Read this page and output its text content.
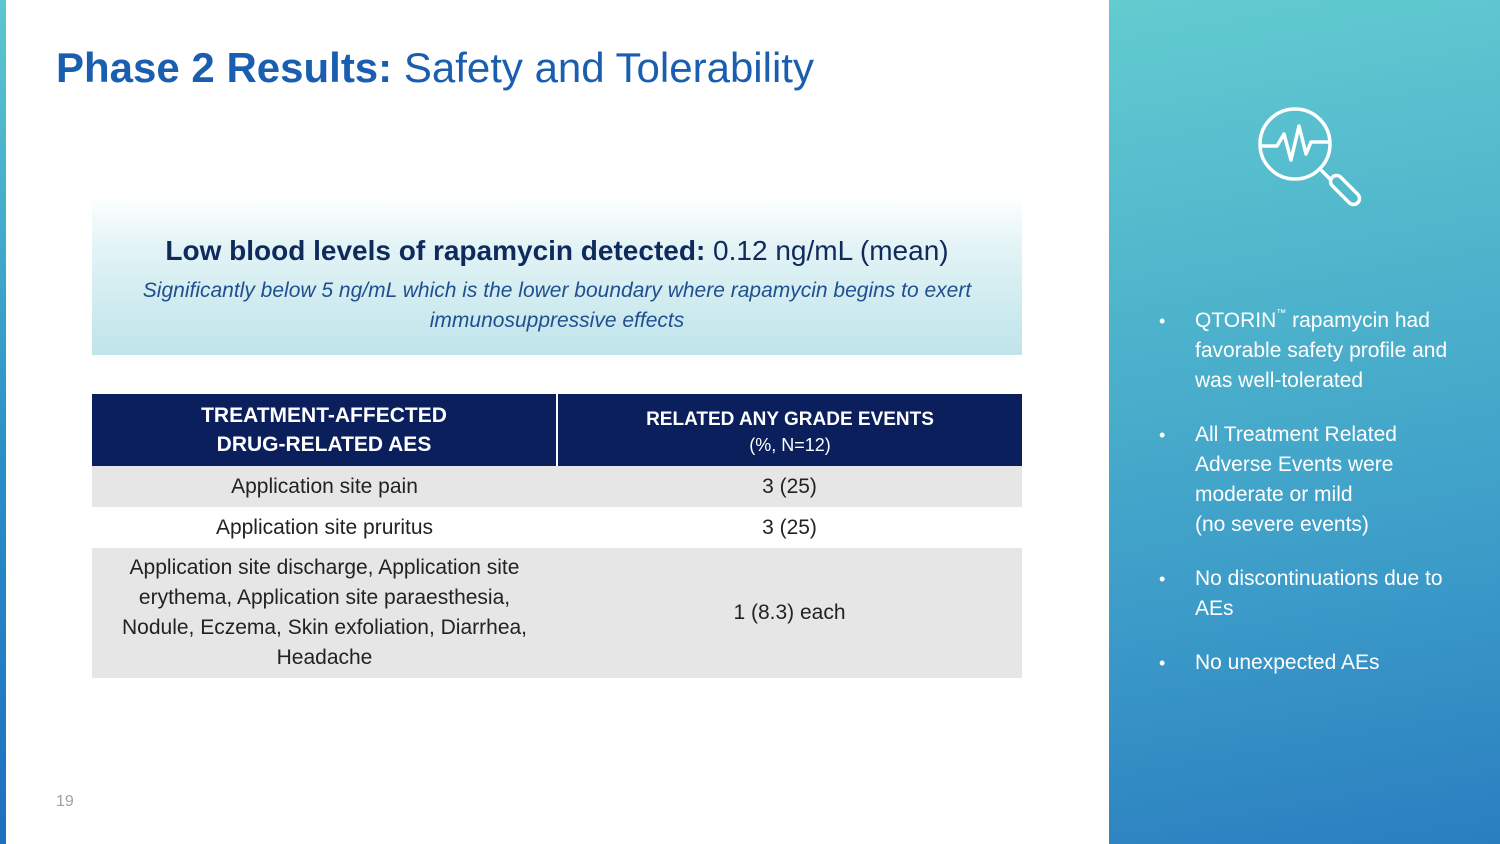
Phase 2 Results: Safety and Tolerability
Low blood levels of rapamycin detected: 0.12 ng/mL (mean)
Significantly below 5 ng/mL which is the lower boundary where rapamycin begins to exert immunosuppressive effects
TREATMENT-AFFECTED
DRUG-RELATED AES	RELATED ANY GRADE EVENTS
(%, N=12)

Application site pain	3 (25)
Application site pruritus	3 (25)
Application site discharge, Application site erythema, Application site paraesthesia, Nodule, Eczema, Skin exfoliation, Diarrhea, Headache	1 (8.3) each
19
• QTORIN™ rapamycin had favorable safety profile and was well-tolerated
• All Treatment Related Adverse Events were moderate or mild
(no severe events)
• No discontinuations due to AEs
• No unexpected AEs
